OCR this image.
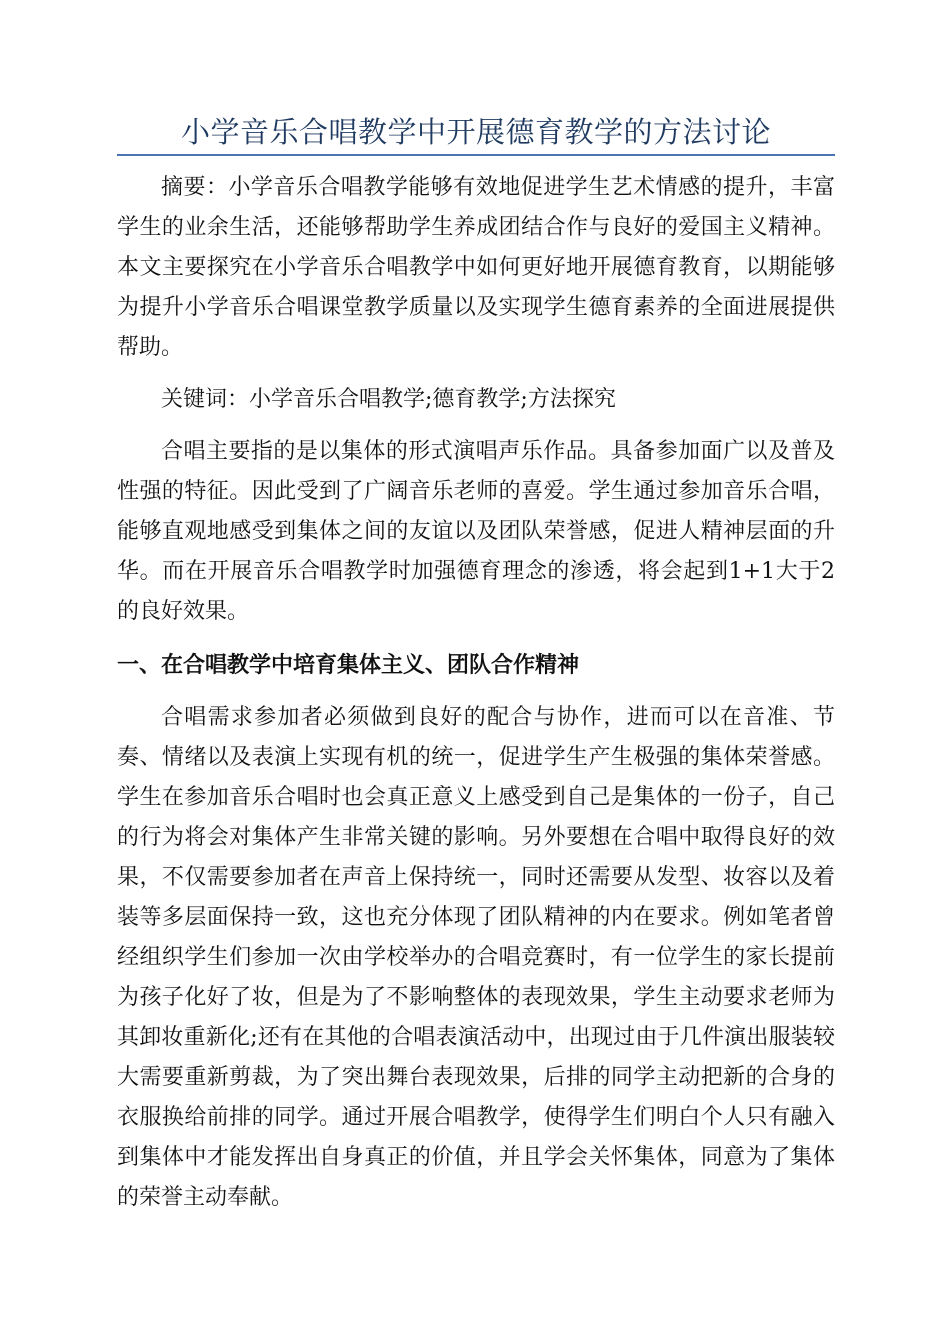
小学音乐合唱教学中开展德育教学的方法讨论

摘要：小学音乐合唱教学能够有效地促进学生艺术情感的提升，丰富学生的业余生活，还能够帮助学生养成团结合作与良好的爱国主义精神。本文主要探究在小学音乐合唱教学中如何更好地开展德育教育，以期能够为提升小学音乐合唱课堂教学质量以及实现学生德育素养的全面进展提供帮助。

关键词：小学音乐合唱教学;德育教学;方法探究

合唱主要指的是以集体的形式演唱声乐作品。具备参加面广以及普及性强的特征。因此受到了广阔音乐老师的喜爱。学生通过参加音乐合唱，能够直观地感受到集体之间的友谊以及团队荣誉感，促进人精神层面的升华。而在开展音乐合唱教学时加强德育理念的渗透，将会起到1+1大于2的良好效果。

一、在合唱教学中培育集体主义、团队合作精神

合唱需求参加者必须做到良好的配合与协作，进而可以在音准、节奏、情绪以及表演上实现有机的统一，促进学生产生极强的集体荣誉感。学生在参加音乐合唱时也会真正意义上感受到自己是集体的一份子，自己的行为将会对集体产生非常关键的影响。另外要想在合唱中取得良好的效果，不仅需要参加者在声音上保持统一，同时还需要从发型、妆容以及着装等多层面保持一致，这也充分体现了团队精神的内在要求。例如笔者曾经组织学生们参加一次由学校举办的合唱竞赛时，有一位学生的家长提前为孩子化好了妆，但是为了不影响整体的表现效果，学生主动要求老师为其卸妆重新化;还有在其他的合唱表演活动中，出现过由于几件演出服装较大需要重新剪裁，为了突出舞台表现效果，后排的同学主动把新的合身的衣服换给前排的同学。通过开展合唱教学，使得学生们明白个人只有融入到集体中才能发挥出自身真正的价值，并且学会关怀集体，同意为了集体的荣誉主动奉献。
